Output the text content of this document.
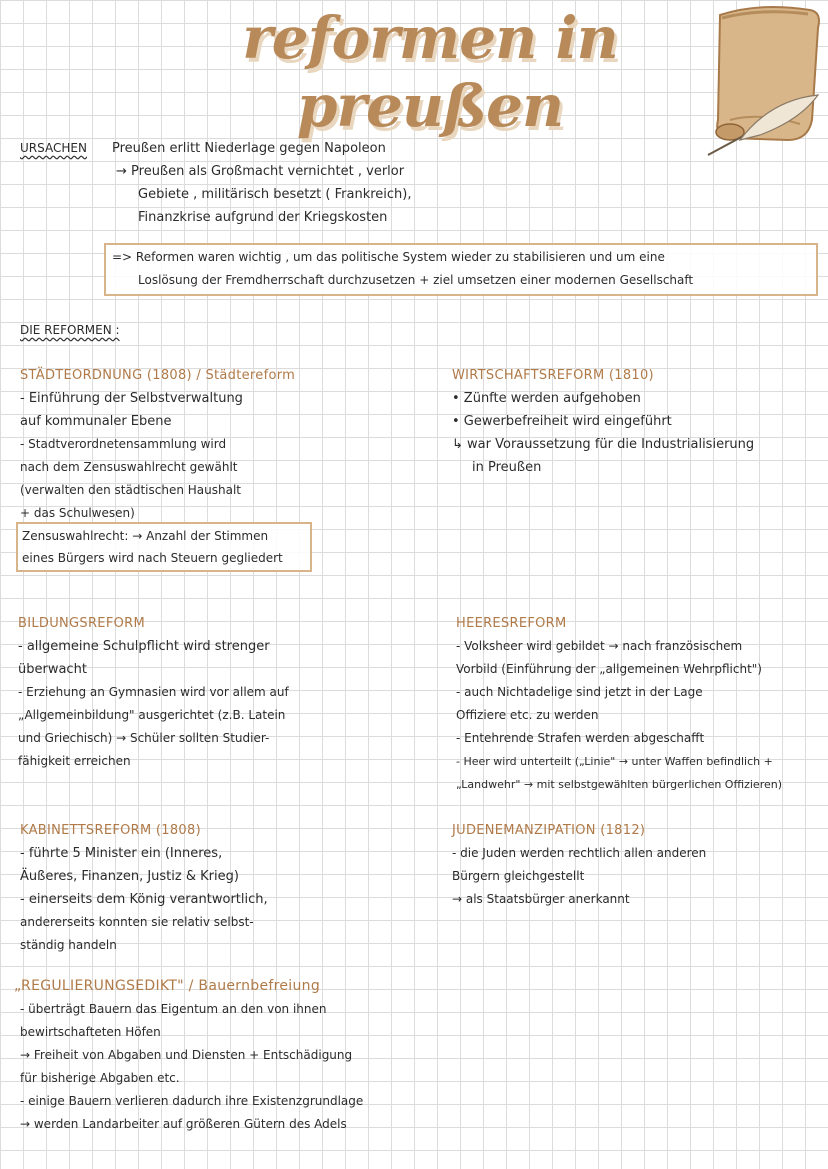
reformen in preußen
URSACHEN Preußen erlitt Niederlage gegen Napoleon

→ Preußen als Großmacht vernichtet , verlor

Gebiete , militärisch besetzt ( Frankreich),

Finanzkrise aufgrund der Kriegskosten

=> Reformen waren wichtig , um das politische System wieder zu stabilisieren und um eine

Loslösung der Fremdherrschaft durchzusetzen + ziel umsetzen einer modernen Gesellschaft

DIE REFORMEN :

STÄDTEORDNUNG (1808) / Städtereform

- Einführung der Selbstverwaltung

auf kommunaler Ebene

- Stadtverordnetensammlung wird

nach dem Zensuswahlrecht gewählt

(verwalten den städtischen Haushalt

+ das Schulwesen)

Zensuswahlrecht: → Anzahl der Stimmen

eines Bürgers wird nach Steuern gegliedert

WIRTSCHAFTSREFORM (1810)

• Zünfte werden aufgehoben

• Gewerbefreiheit wird eingeführt

↳ war Voraussetzung für die Industrialisierung

in Preußen

BILDUNGSREFORM

- allgemeine Schulpflicht wird strenger

überwacht

- Erziehung an Gymnasien wird vor allem auf

„Allgemeinbildung" ausgerichtet (z.B. Latein

und Griechisch) → Schüler sollten Studier-

fähigkeit erreichen

HEERESREFORM

- Volksheer wird gebildet → nach französischem

Vorbild (Einführung der „allgemeinen Wehrpflicht")

- auch Nichtadelige sind jetzt in der Lage

Offiziere etc. zu werden

- Entehrende Strafen werden abgeschafft

- Heer wird unterteilt („Linie" → unter Waffen befindlich +

„Landwehr" → mit selbstgewählten bürgerlichen Offizieren)

KABINETTSREFORM (1808)

- führte 5 Minister ein (Inneres,

Äußeres, Finanzen, Justiz & Krieg)

- einerseits dem König verantwortlich,

andererseits konnten sie relativ selbst-

ständig handeln

JUDENEMANZIPATION (1812)

- die Juden werden rechtlich allen anderen

Bürgern gleichgestellt

→ als Staatsbürger anerkannt

„REGULIERUNGSEDIKT" / Bauernbefreiung

- überträgt Bauern das Eigentum an den von ihnen

bewirtschafteten Höfen

→ Freiheit von Abgaben und Diensten + Entschädigung

für bisherige Abgaben etc.

- einige Bauern verlieren dadurch ihre Existenzgrundlage

→ werden Landarbeiter auf größeren Gütern des Adels
